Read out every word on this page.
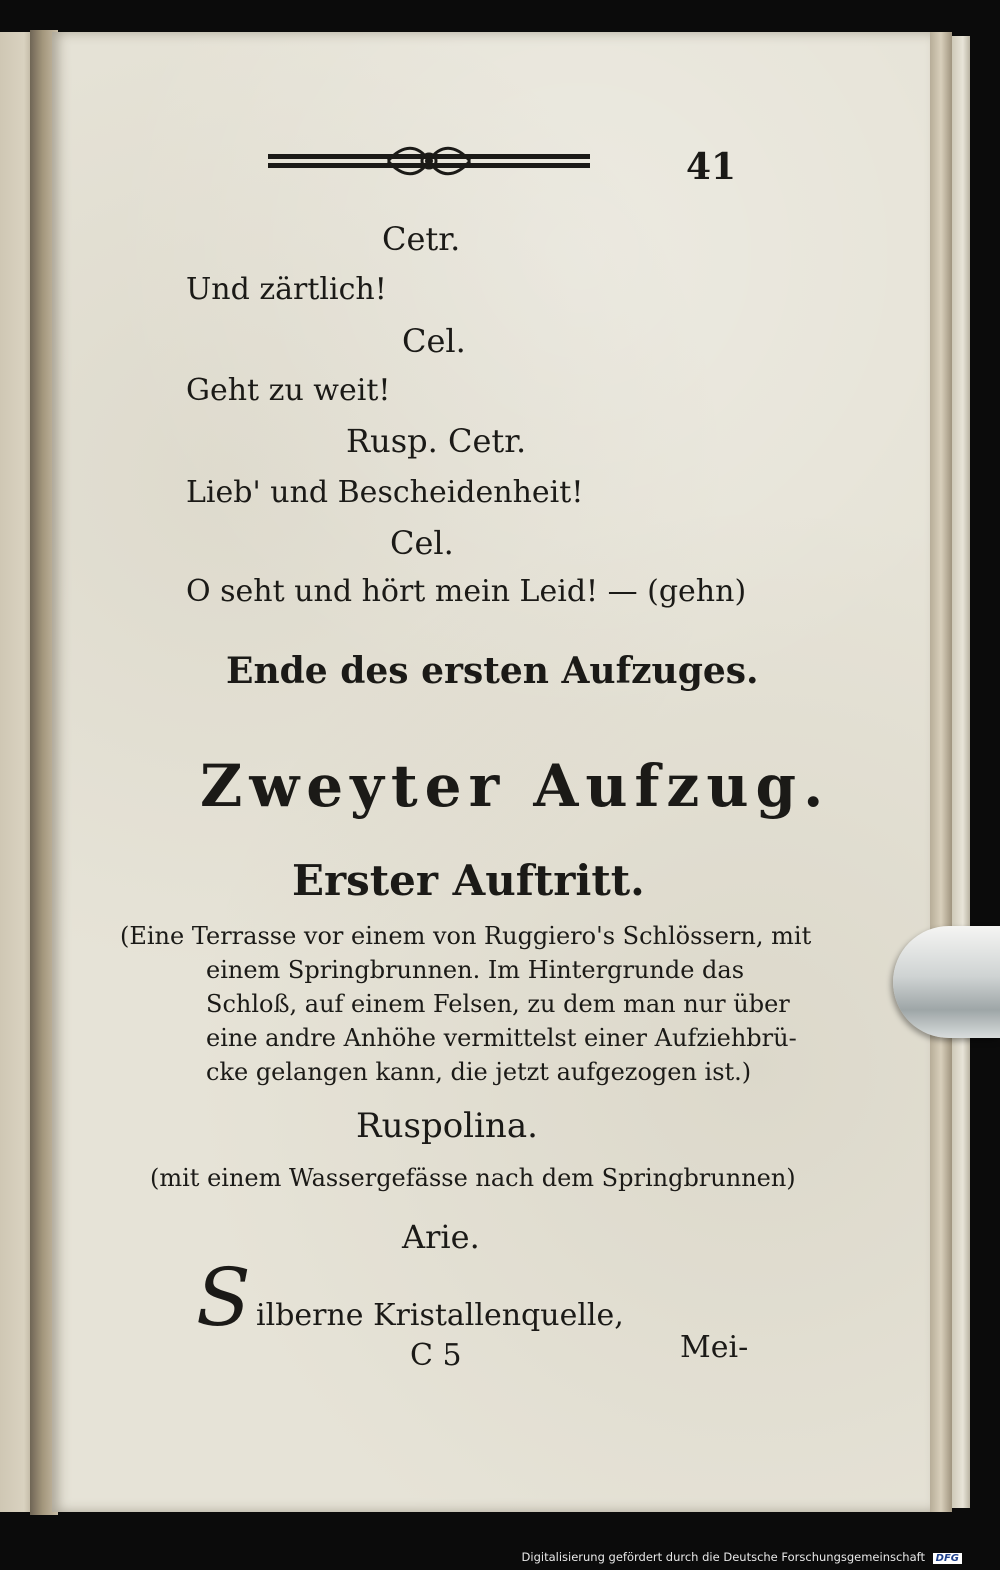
41
Cetr.
Und zärtlich!
Cel.
Geht zu weit!
Rusp. Cetr.
Lieb' und Bescheidenheit!
Cel.
O seht und hört mein Leid! — (gehn)
Ende des ersten Aufzuges.
Zweyter Aufzug.
Erster Auftritt.
(Eine Terrasse vor einem von Ruggiero's Schlössern, mit
einem Springbrunnen. Im Hintergrunde das
Schloß, auf einem Felsen, zu dem man nur über
eine andre Anhöhe vermittelst einer Aufziehbrü-
cke gelangen kann, die jetzt aufgezogen ist.)
Ruspolina.
(mit einem Wassergefässe nach dem Springbrunnen)
Arie.
S ilberne Kristallenquelle,
C 5	Mei-
Digitalisierung gefördert durch die Deutsche Forschungsgemeinschaft DFG
